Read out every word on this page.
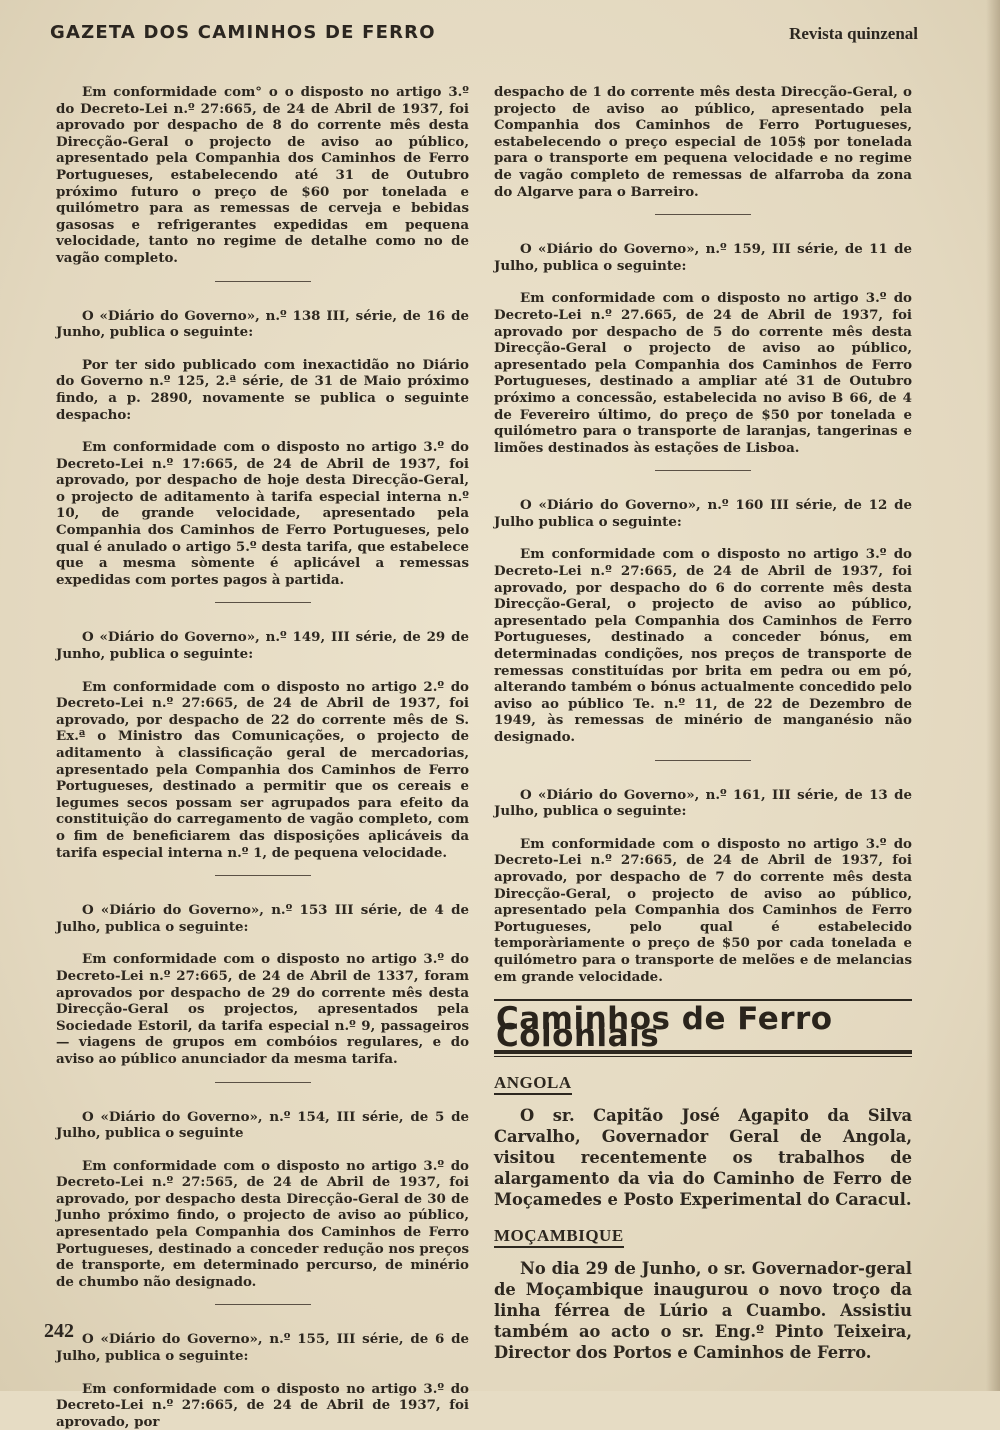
GAZETA DOS CAMINHOS DE FERRO	Revista quinzenal

Em conformidade com° o o disposto no artigo 3.º do Decreto-Lei n.º 27:665, de 24 de Abril de 1937, foi aprovado por despacho de 8 do corrente mês desta Direcção-Geral o projecto de aviso ao público, apresentado pela Companhia dos Caminhos de Ferro Portugueses, estabelecendo até 31 de Outubro próximo futuro o preço de $60 por tonelada e quilómetro para as remessas de cerveja e bebidas gasosas e refrigerantes expedidas em pequena velocidade, tanto no regime de detalhe como no de vagão completo.

O «Diário do Governo», n.º 138 III, série, de 16 de Junho, publica o seguinte:

Por ter sido publicado com inexactidão no Diário do Governo n.º 125, 2.ª série, de 31 de Maio próximo findo, a p. 2890, novamente se publica o seguinte despacho:

Em conformidade com o disposto no artigo 3.º do Decreto-Lei n.º 17:665, de 24 de Abril de 1937, foi aprovado, por despacho de hoje desta Direcção-Geral, o projecto de aditamento à tarifa especial interna n.º 10, de grande velocidade, apresentado pela Companhia dos Caminhos de Ferro Portugueses, pelo qual é anulado o artigo 5.º desta tarifa, que estabelece que a mesma sòmente é aplicável a remessas expedidas com portes pagos à partida.

O «Diário do Governo», n.º 149, III série, de 29 de Junho, publica o seguinte:

Em conformidade com o disposto no artigo 2.º do Decreto-Lei n.º 27:665, de 24 de Abril de 1937, foi aprovado, por despacho de 22 do corrente mês de S. Ex.ª o Ministro das Comunicações, o projecto de aditamento à classificação geral de mercadorias, apresentado pela Companhia dos Caminhos de Ferro Portugueses, destinado a permitir que os cereais e legumes secos possam ser agrupados para efeito da constituição do carregamento de vagão completo, com o fim de beneficiarem das disposições aplicáveis da tarifa especial interna n.º 1, de pequena velocidade.

O «Diário do Governo», n.º 153 III série, de 4 de Julho, publica o seguinte:

Em conformidade com o disposto no artigo 3.º do Decreto-Lei n.º 27:665, de 24 de Abril de 1337, foram aprovados por despacho de 29 do corrente mês desta Direcção-Geral os projectos, apresentados pela Sociedade Estoril, da tarifa especial n.º 9, passageiros — viagens de grupos em combóios regulares, e do aviso ao público anunciador da mesma tarifa.

O «Diário do Governo», n.º 154, III série, de 5 de Julho, publica o seguinte

Em conformidade com o disposto no artigo 3.º do Decreto-Lei n.º 27:565, de 24 de Abril de 1937, foi aprovado, por despacho desta Direcção-Geral de 30 de Junho próximo findo, o projecto de aviso ao público, apresentado pela Companhia dos Caminhos de Ferro Portugueses, destinado a conceder redução nos preços de transporte, em determinado percurso, de minério de chumbo não designado.

O «Diário do Governo», n.º 155, III série, de 6 de Julho, publica o seguinte:

Em conformidade com o disposto no artigo 3.º do Decreto-Lei n.º 27:665, de 24 de Abril de 1937, foi aprovado, por

despacho de 1 do corrente mês desta Direcção-Geral, o projecto de aviso ao público, apresentado pela Companhia dos Caminhos de Ferro Portugueses, estabelecendo o preço especial de 105$ por tonelada para o transporte em pequena velocidade e no regime de vagão completo de remessas de alfarroba da zona do Algarve para o Barreiro.

O «Diário do Governo», n.º 159, III série, de 11 de Julho, publica o seguinte:

Em conformidade com o disposto no artigo 3.º do Decreto-Lei n.º 27.665, de 24 de Abril de 1937, foi aprovado por despacho de 5 do corrente mês desta Direcção-Geral o projecto de aviso ao público, apresentado pela Companhia dos Caminhos de Ferro Portugueses, destinado a ampliar até 31 de Outubro próximo a concessão, estabelecida no aviso B 66, de 4 de Fevereiro último, do preço de $50 por tonelada e quilómetro para o transporte de laranjas, tangerinas e limões destinados às estações de Lisboa.

O «Diário do Governo», n.º 160 III série, de 12 de Julho publica o seguinte:

Em conformidade com o disposto no artigo 3.º do Decreto-Lei n.º 27:665, de 24 de Abril de 1937, foi aprovado, por despacho do 6 do corrente mês desta Direcção-Geral, o projecto de aviso ao público, apresentado pela Companhia dos Caminhos de Ferro Portugueses, destinado a conceder bónus, em determinadas condições, nos preços de transporte de remessas constituídas por brita em pedra ou em pó, alterando também o bónus actualmente concedido pelo aviso ao público Te. n.º 11, de 22 de Dezembro de 1949, às remessas de minério de manganésio não designado.

O «Diário do Governo», n.º 161, III série, de 13 de Julho, publica o seguinte:

Em conformidade com o disposto no artigo 3.º do Decreto-Lei n.º 27:665, de 24 de Abril de 1937, foi aprovado, por despacho de 7 do corrente mês desta Direcção-Geral, o projecto de aviso ao público, apresentado pela Companhia dos Caminhos de Ferro Portugueses, pelo qual é estabelecido temporàriamente o preço de $50 por cada tonelada e quilómetro para o transporte de melões e de melancias em grande velocidade.

Caminhos de Ferro Coloniais
ANGOLA

O sr. Capitão José Agapito da Silva Carvalho, Governador Geral de Angola, visitou recentemente os trabalhos de alargamento da via do Caminho de Ferro de Moçamedes e Posto Experimental do Caracul.

MOÇAMBIQUE

No dia 29 de Junho, o sr. Governador-geral de Moçambique inaugurou o novo troço da linha férrea de Lúrio a Cuambo. Assistiu também ao acto o sr. Eng.º Pinto Teixeira, Director dos Portos e Caminhos de Ferro.

242
